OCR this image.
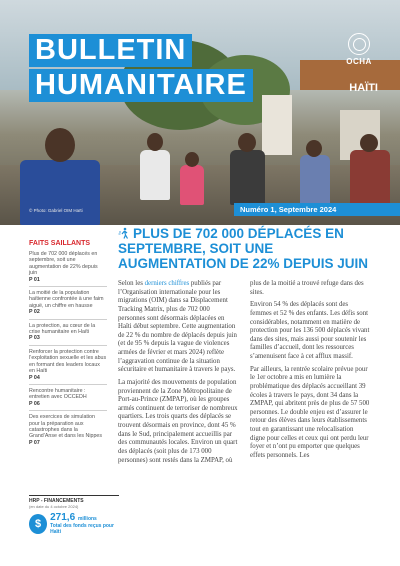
BULLETIN
HUMANITAIRE
OCHA
HAÏTI
© Photo: Gabriel OIM Haïti	Numéro 1, Septembre 2024
FAITS SAILLANTS
Plus de 702 000 déplacés en septembre, soit une augmentation de 22% depuis juin
P 01
La moitié de la population haïtienne confrontée à une faim aiguë, un chiffre en hausse
P 02
La protection, au cœur de la crise humanitaire en Haïti
P 03
Renforcer la protection contre l’exploitation sexuelle et les abus en formant des leaders locaux en Haïti
P 04
Rencontre humanitaire : entretien avec OCCEDH
P 06
Des exercices de simulation pour la préparation aux catastrophes dans la Grand’Anse et dans les Nippes
P 07
HRP - FINANCEMENTS
(en date du 4 octobre 2024)
$ 271,6 millions
Total des fonds reçus pour Haïti
PLUS DE 702 000 DÉPLACÉS EN SEPTEMBRE, SOIT UNE AUGMENTATION DE 22% DEPUIS JUIN

Selon les derniers chiffres publiés par l’Organisation internationale pour les migrations (OIM) dans sa Displacement Tracking Matrix, plus de 702 000 personnes sont désormais déplacées en Haïti début septembre. Cette augmentation de 22 % du nombre de déplacés depuis juin (et de 95 % depuis la vague de violences armées de février et mars 2024) reflète l’aggravation continue de la situation sécuritaire et humanitaire à travers le pays.

La majorité des mouvements de population proviennent de la Zone Métropolitaine de Port-au-Prince (ZMPAP), où les groupes armés continuent de terroriser de nombreux quartiers. Les trois quarts des déplacés se trouvent désormais en province, dont 45 % dans le Sud, principalement accueillis par des communautés locales. Environ un quart des déplacés (soit plus de 173 000 personnes) sont restés dans la ZMPAP, où plus de la moitié a trouvé refuge dans des sites.

Environ 54 % des déplacés sont des femmes et 52 % des enfants. Les défis sont considérables, notamment en matière de protection pour les 136 500 déplacés vivant dans des sites, mais aussi pour soutenir les familles d’accueil, dont les ressources s’amenuisent face à cet afflux massif.

Par ailleurs, la rentrée scolaire prévue pour le 1er octobre a mis en lumière la problématique des déplacés accueillant 39 écoles à travers le pays, dont 34 dans la ZMPAP, qui abritent près de plus de 57 500 personnes. Le double enjeu est d’assurer le retour des élèves dans leurs établissements tout en garantissant une relocalisation digne pour celles et ceux qui ont perdu leur foyer et n’ont pu emporter que quelques effets personnels. Les
